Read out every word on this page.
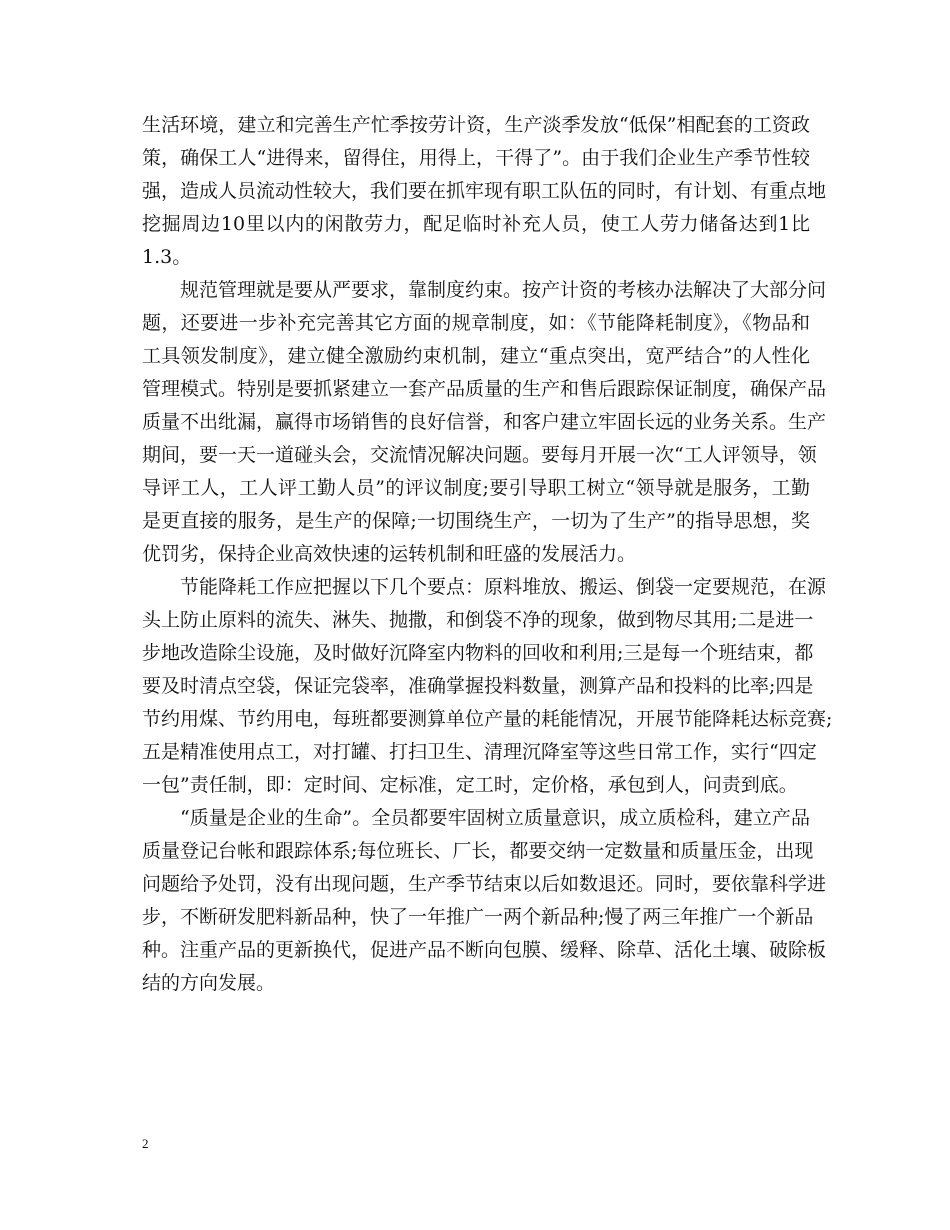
生活环境，建立和完善生产忙季按劳计资，生产淡季发放“低保”相配套的工资政
策，确保工人“进得来，留得住，用得上，干得了”。由于我们企业生产季节性较
强，造成人员流动性较大，我们要在抓牢现有职工队伍的同时，有计划、有重点地
挖掘周边10里以内的闲散劳力，配足临时补充人员，使工人劳力储备达到1比
1.3。
规范管理就是要从严要求，靠制度约束。按产计资的考核办法解决了大部分问
题，还要进一步补充完善其它方面的规章制度，如：《节能降耗制度》，《物品和
工具领发制度》，建立健全激励约束机制，建立“重点突出，宽严结合”的人性化
管理模式。特别是要抓紧建立一套产品质量的生产和售后跟踪保证制度，确保产品
质量不出纰漏，赢得市场销售的良好信誉，和客户建立牢固长远的业务关系。生产
期间，要一天一道碰头会，交流情况解决问题。要每月开展一次“工人评领导，领
导评工人，工人评工勤人员”的评议制度;要引导职工树立“领导就是服务，工勤
是更直接的服务，是生产的保障;一切围绕生产，一切为了生产”的指导思想，奖
优罚劣，保持企业高效快速的运转机制和旺盛的发展活力。
节能降耗工作应把握以下几个要点：原料堆放、搬运、倒袋一定要规范，在源
头上防止原料的流失、淋失、抛撒，和倒袋不净的现象，做到物尽其用;二是进一
步地改造除尘设施，及时做好沉降室内物料的回收和利用;三是每一个班结束，都
要及时清点空袋，保证完袋率，准确掌握投料数量，测算产品和投料的比率;四是
节约用煤、节约用电，每班都要测算单位产量的耗能情况，开展节能降耗达标竞赛;
五是精准使用点工，对打罐、打扫卫生、清理沉降室等这些日常工作，实行“四定
一包”责任制，即：定时间、定标准，定工时，定价格，承包到人，问责到底。
“质量是企业的生命”。全员都要牢固树立质量意识，成立质检科，建立产品
质量登记台帐和跟踪体系;每位班长、厂长，都要交纳一定数量和质量压金，出现
问题给予处罚，没有出现问题，生产季节结束以后如数退还。同时，要依靠科学进
步，不断研发肥料新品种，快了一年推广一两个新品种;慢了两三年推广一个新品
种。注重产品的更新换代，促进产品不断向包膜、缓释、除草、活化土壤、破除板
结的方向发展。
2
